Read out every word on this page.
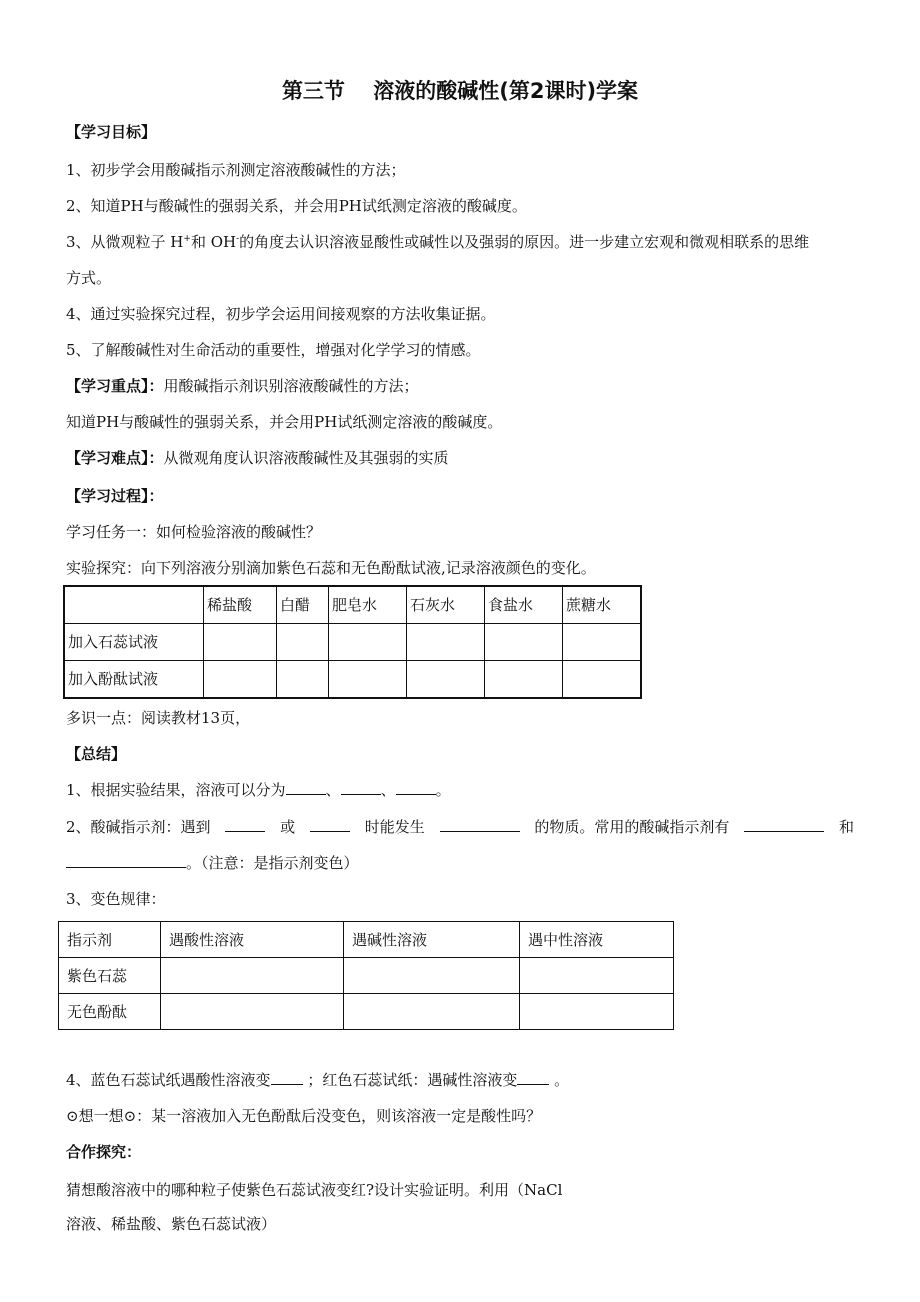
第三节　 溶液的酸碱性(第2课时)学案
【学习目标】
1、初步学会用酸碱指示剂测定溶液酸碱性的方法；
2、知道PH与酸碱性的强弱关系，并会用PH试纸测定溶液的酸碱度。
3、从微观粒子 H+和 OH-的角度去认识溶液显酸性或碱性以及强弱的原因。进一步建立宏观和微观相联系的思维
方式。
4、通过实验探究过程，初步学会运用间接观察的方法收集证据。
5、了解酸碱性对生命活动的重要性，增强对化学学习的情感。
【学习重点】：用酸碱指示剂识别溶液酸碱性的方法；
知道PH与酸碱性的强弱关系，并会用PH试纸测定溶液的酸碱度。
【学习难点】：从微观角度认识溶液酸碱性及其强弱的实质
【学习过程】：
学习任务一：如何检验溶液的酸碱性？
实验探究：向下列溶液分别滴加紫色石蕊和无色酚酞试液,记录溶液颜色的变化。
	稀盐酸	白醋	肥皂水	石灰水	食盐水	蔗糖水
加入石蕊试液						
加入酚酞试液						
多识一点：阅读教材13页，
【总结】
1、根据实验结果，溶液可以分为	、	、	。
2、酸碱指示剂：遇到	或	时能发生	的物质。常用的酸碱指示剂有	和
。（注意：是指示剂变色）
3、变色规律：
指示剂	遇酸性溶液	遇碱性溶液	遇中性溶液
紫色石蕊			
无色酚酞			
4、蓝色石蕊试纸遇酸性溶液变 ；红色石蕊试纸：遇碱性溶液变 。
⊙想一想⊙：某一溶液加入无色酚酞后没变色，则该溶液一定是酸性吗？
合作探究：
猜想酸溶液中的哪种粒子使紫色石蕊试液变红?设计实验证明。利用（NaCl
溶液、稀盐酸、紫色石蕊试液）
